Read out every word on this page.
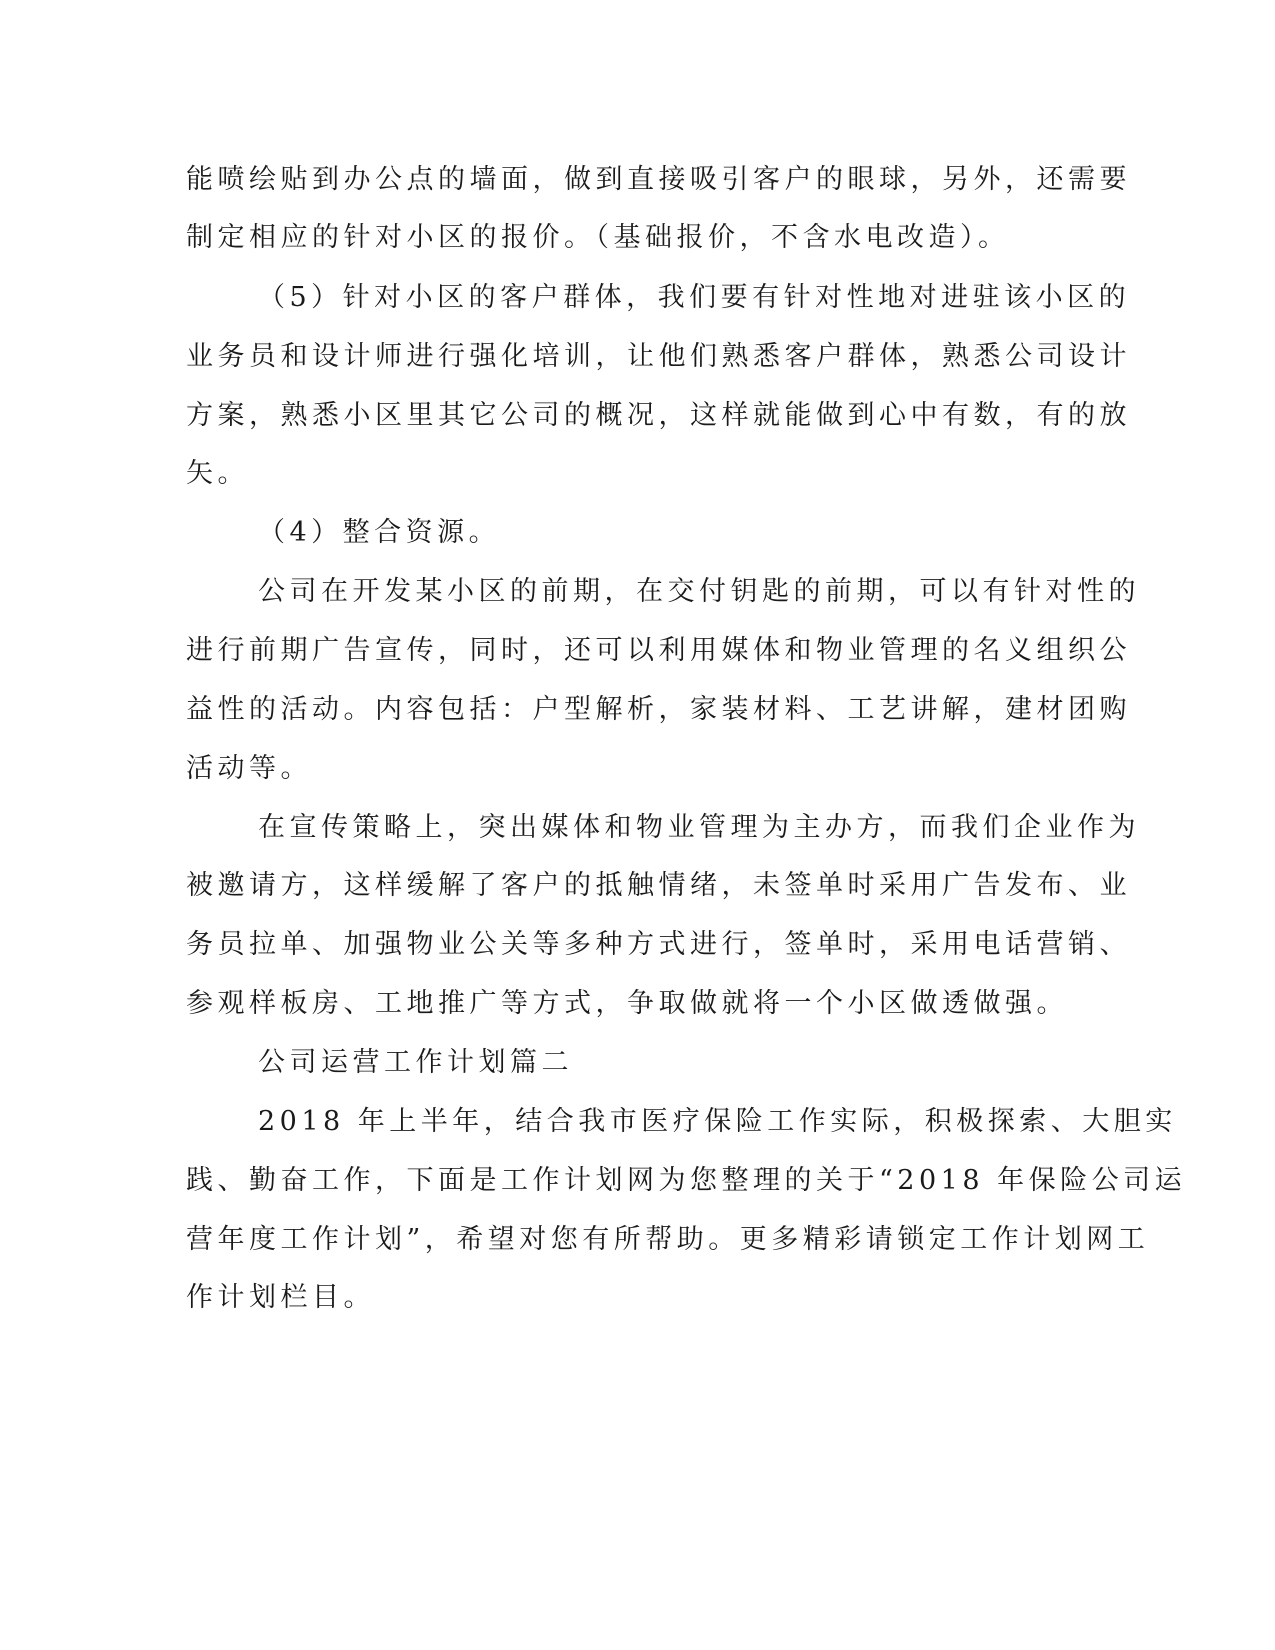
能喷绘贴到办公点的墙面，做到直接吸引客户的眼球，另外，还需要
制定相应的针对小区的报价。（基础报价，不含水电改造）。
（5）针对小区的客户群体，我们要有针对性地对进驻该小区的
业务员和设计师进行强化培训，让他们熟悉客户群体，熟悉公司设计
方案，熟悉小区里其它公司的概况，这样就能做到心中有数，有的放
矢。
（4）整合资源。
公司在开发某小区的前期，在交付钥匙的前期，可以有针对性的
进行前期广告宣传，同时，还可以利用媒体和物业管理的名义组织公
益性的活动。内容包括：户型解析，家装材料、工艺讲解，建材团购
活动等。
在宣传策略上，突出媒体和物业管理为主办方，而我们企业作为
被邀请方，这样缓解了客户的抵触情绪，未签单时采用广告发布、业
务员拉单、加强物业公关等多种方式进行，签单时，采用电话营销、
参观样板房、工地推广等方式，争取做就将一个小区做透做强。
公司运营工作计划篇二
2018 年上半年，结合我市医疗保险工作实际，积极探索、大胆实
践、勤奋工作，下面是工作计划网为您整理的关于“2018 年保险公司运
营年度工作计划”，希望对您有所帮助。更多精彩请锁定工作计划网工
作计划栏目。
